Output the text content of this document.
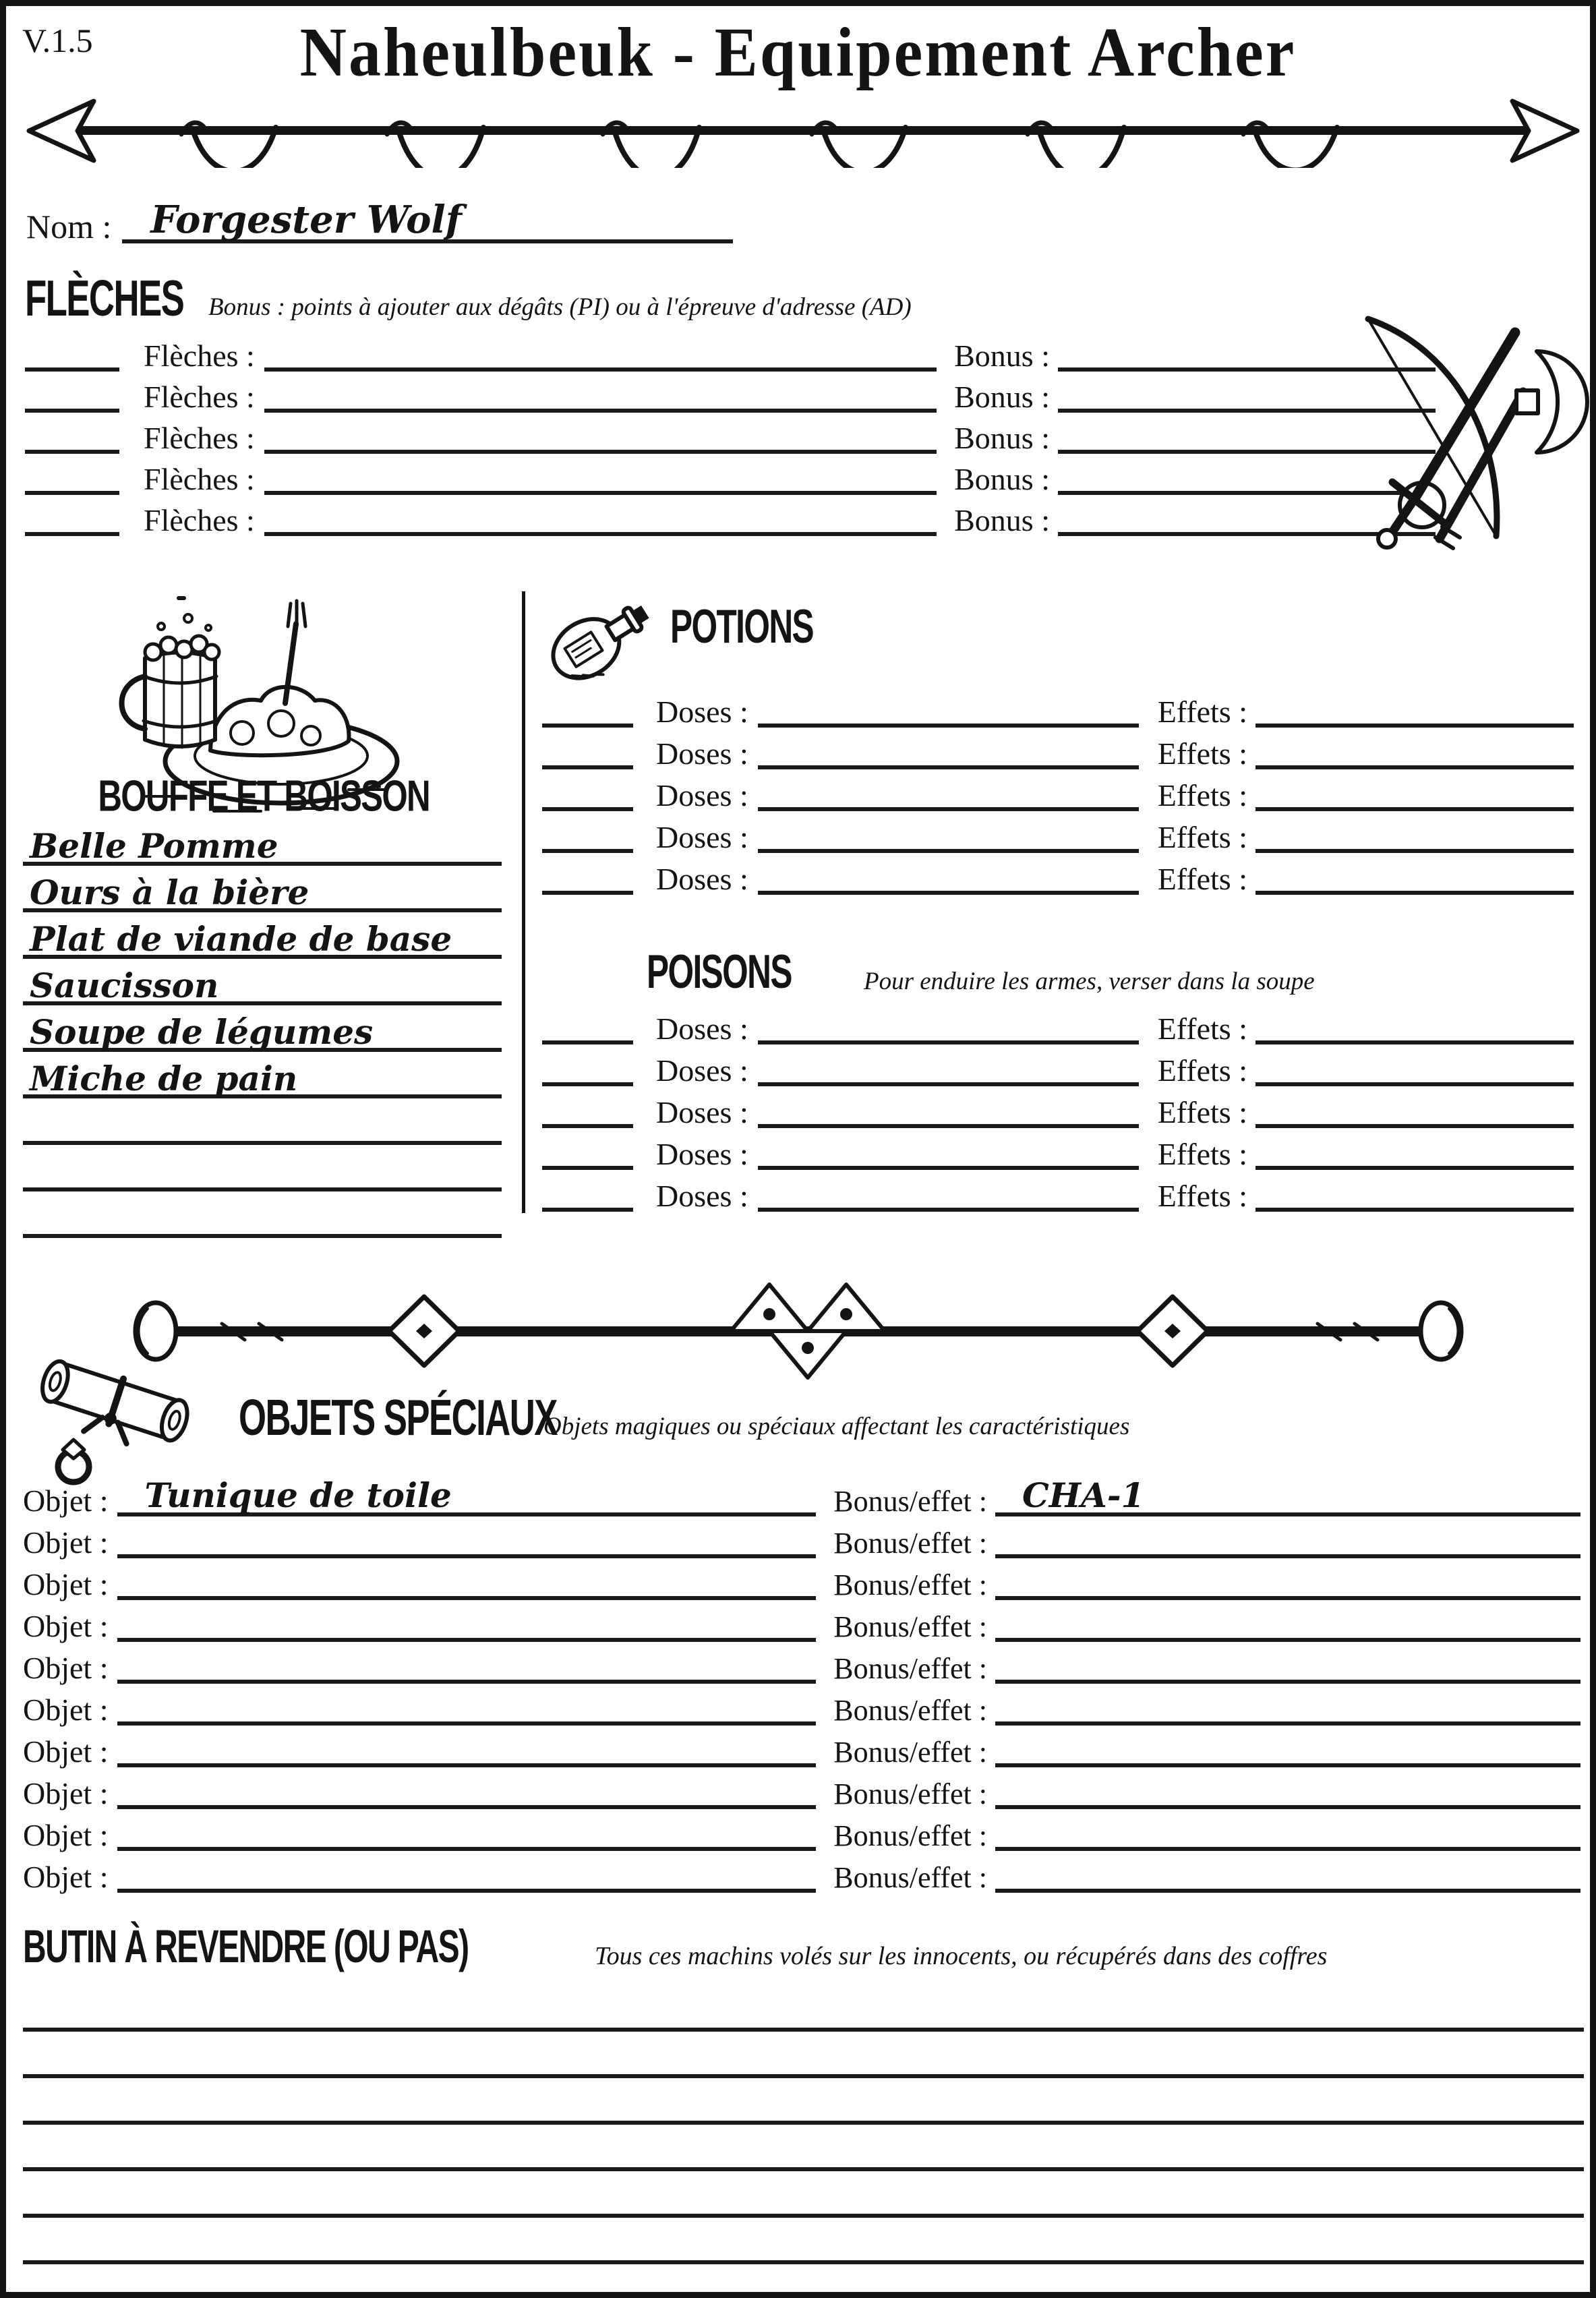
V.1.5	Naheulbeuk - Equipement Archer
Nom :	Forgester Wolf
FLÈCHES Bonus : points à ajouter aux dégâts (PI) ou à l'épreuve d'adresse (AD)
Flèches :	Bonus :
Flèches :	Bonus :
Flèches :	Bonus :
Flèches :	Bonus :
Flèches :	Bonus :
BOUFFE ET BOISSON
Belle Pomme
Ours à la bière
Plat de viande de base
Saucisson
Soupe de légumes
Miche de pain
POTIONS
Doses :	Effets :
Doses :	Effets :
Doses :	Effets :
Doses :	Effets :
Doses :	Effets :
POISONS	Pour enduire les armes, verser dans la soupe
Doses :	Effets :
Doses :	Effets :
Doses :	Effets :
Doses :	Effets :
Doses :	Effets :
OBJETS SPÉCIAUX
Objets magiques ou spéciaux affectant les caractéristiques
Objet :	Tunique de toile	Bonus/effet :	CHA-1
Objet :	Bonus/effet :
Objet :	Bonus/effet :
Objet :	Bonus/effet :
Objet :	Bonus/effet :
Objet :	Bonus/effet :
Objet :	Bonus/effet :
Objet :	Bonus/effet :
Objet :	Bonus/effet :
Objet :	Bonus/effet :
BUTIN À REVENDRE (OU PAS)	Tous ces machins volés sur les innocents, ou récupérés dans des coffres
